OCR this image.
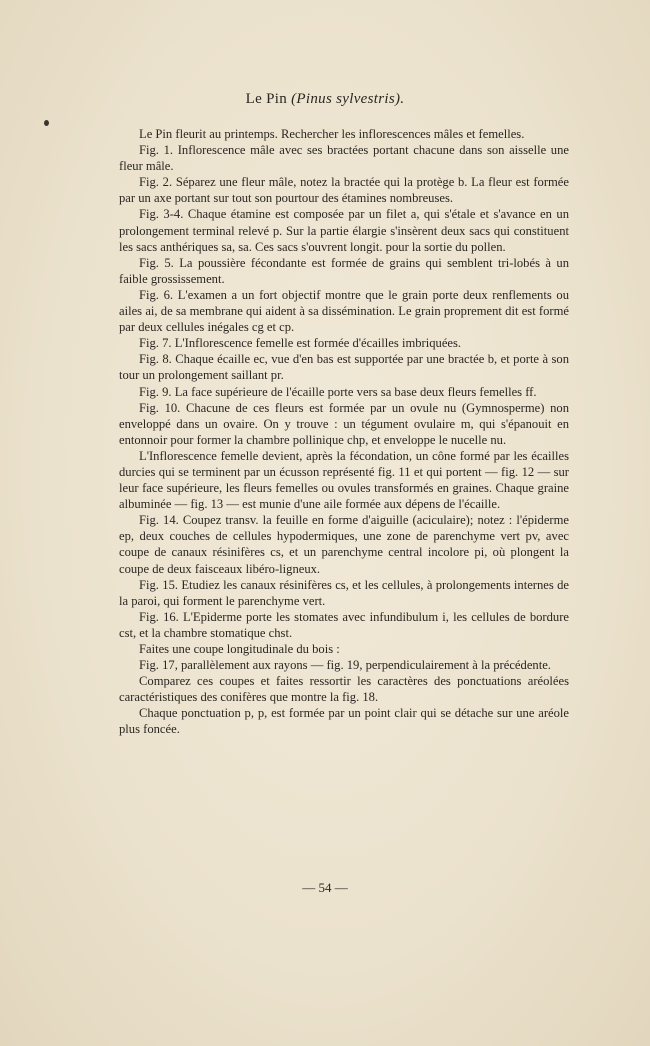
Le Pin (Pinus sylvestris).

Le Pin fleurit au printemps. Rechercher les inflorescences mâles et femelles.

Fig. 1. Inflorescence mâle avec ses bractées portant chacune dans son aisselle une fleur mâle.

Fig. 2. Séparez une fleur mâle, notez la bractée qui la protège b. La fleur est formée par un axe portant sur tout son pourtour des étamines nombreuses.

Fig. 3-4. Chaque étamine est composée par un filet a, qui s'étale et s'avance en un prolongement terminal relevé p. Sur la partie élargie s'insèrent deux sacs qui constituent les sacs anthériques sa, sa. Ces sacs s'ouvrent longit. pour la sortie du pollen.

Fig. 5. La poussière fécondante est formée de grains qui semblent tri-lobés à un faible grossissement.

Fig. 6. L'examen a un fort objectif montre que le grain porte deux renflements ou ailes ai, de sa membrane qui aident à sa dissémination. Le grain proprement dit est formé par deux cellules inégales cg et cp.

Fig. 7. L'Inflorescence femelle est formée d'écailles imbriquées.

Fig. 8. Chaque écaille ec, vue d'en bas est supportée par une bractée b, et porte à son tour un prolongement saillant pr.

Fig. 9. La face supérieure de l'écaille porte vers sa base deux fleurs femelles ff.

Fig. 10. Chacune de ces fleurs est formée par un ovule nu (Gymnosperme) non enveloppé dans un ovaire. On y trouve : un tégument ovulaire m, qui s'épanouit en entonnoir pour former la chambre pollinique chp, et enveloppe le nucelle nu.

L'Inflorescence femelle devient, après la fécondation, un cône formé par les écailles durcies qui se terminent par un écusson représenté fig. 11 et qui portent — fig. 12 — sur leur face supérieure, les fleurs femelles ou ovules transformés en graines. Chaque graine albuminée — fig. 13 — est munie d'une aile formée aux dépens de l'écaille.

Fig. 14. Coupez transv. la feuille en forme d'aiguille (aciculaire); notez : l'épiderme ep, deux couches de cellules hypodermiques, une zone de parenchyme vert pv, avec coupe de canaux résinifères cs, et un parenchyme central incolore pi, où plongent la coupe de deux faisceaux libéro-ligneux.

Fig. 15. Etudiez les canaux résinifères cs, et les cellules, à prolongements internes de la paroi, qui forment le parenchyme vert.

Fig. 16. L'Epiderme porte les stomates avec infundibulum i, les cellules de bordure cst, et la chambre stomatique chst.

Faites une coupe longitudinale du bois :

Fig. 17, parallèlement aux rayons — fig. 19, perpendiculairement à la précédente.

Comparez ces coupes et faites ressortir les caractères des ponctuations aréolées caractéristiques des conifères que montre la fig. 18.

Chaque ponctuation p, p, est formée par un point clair qui se détache sur une aréole plus foncée.

— 54 —
